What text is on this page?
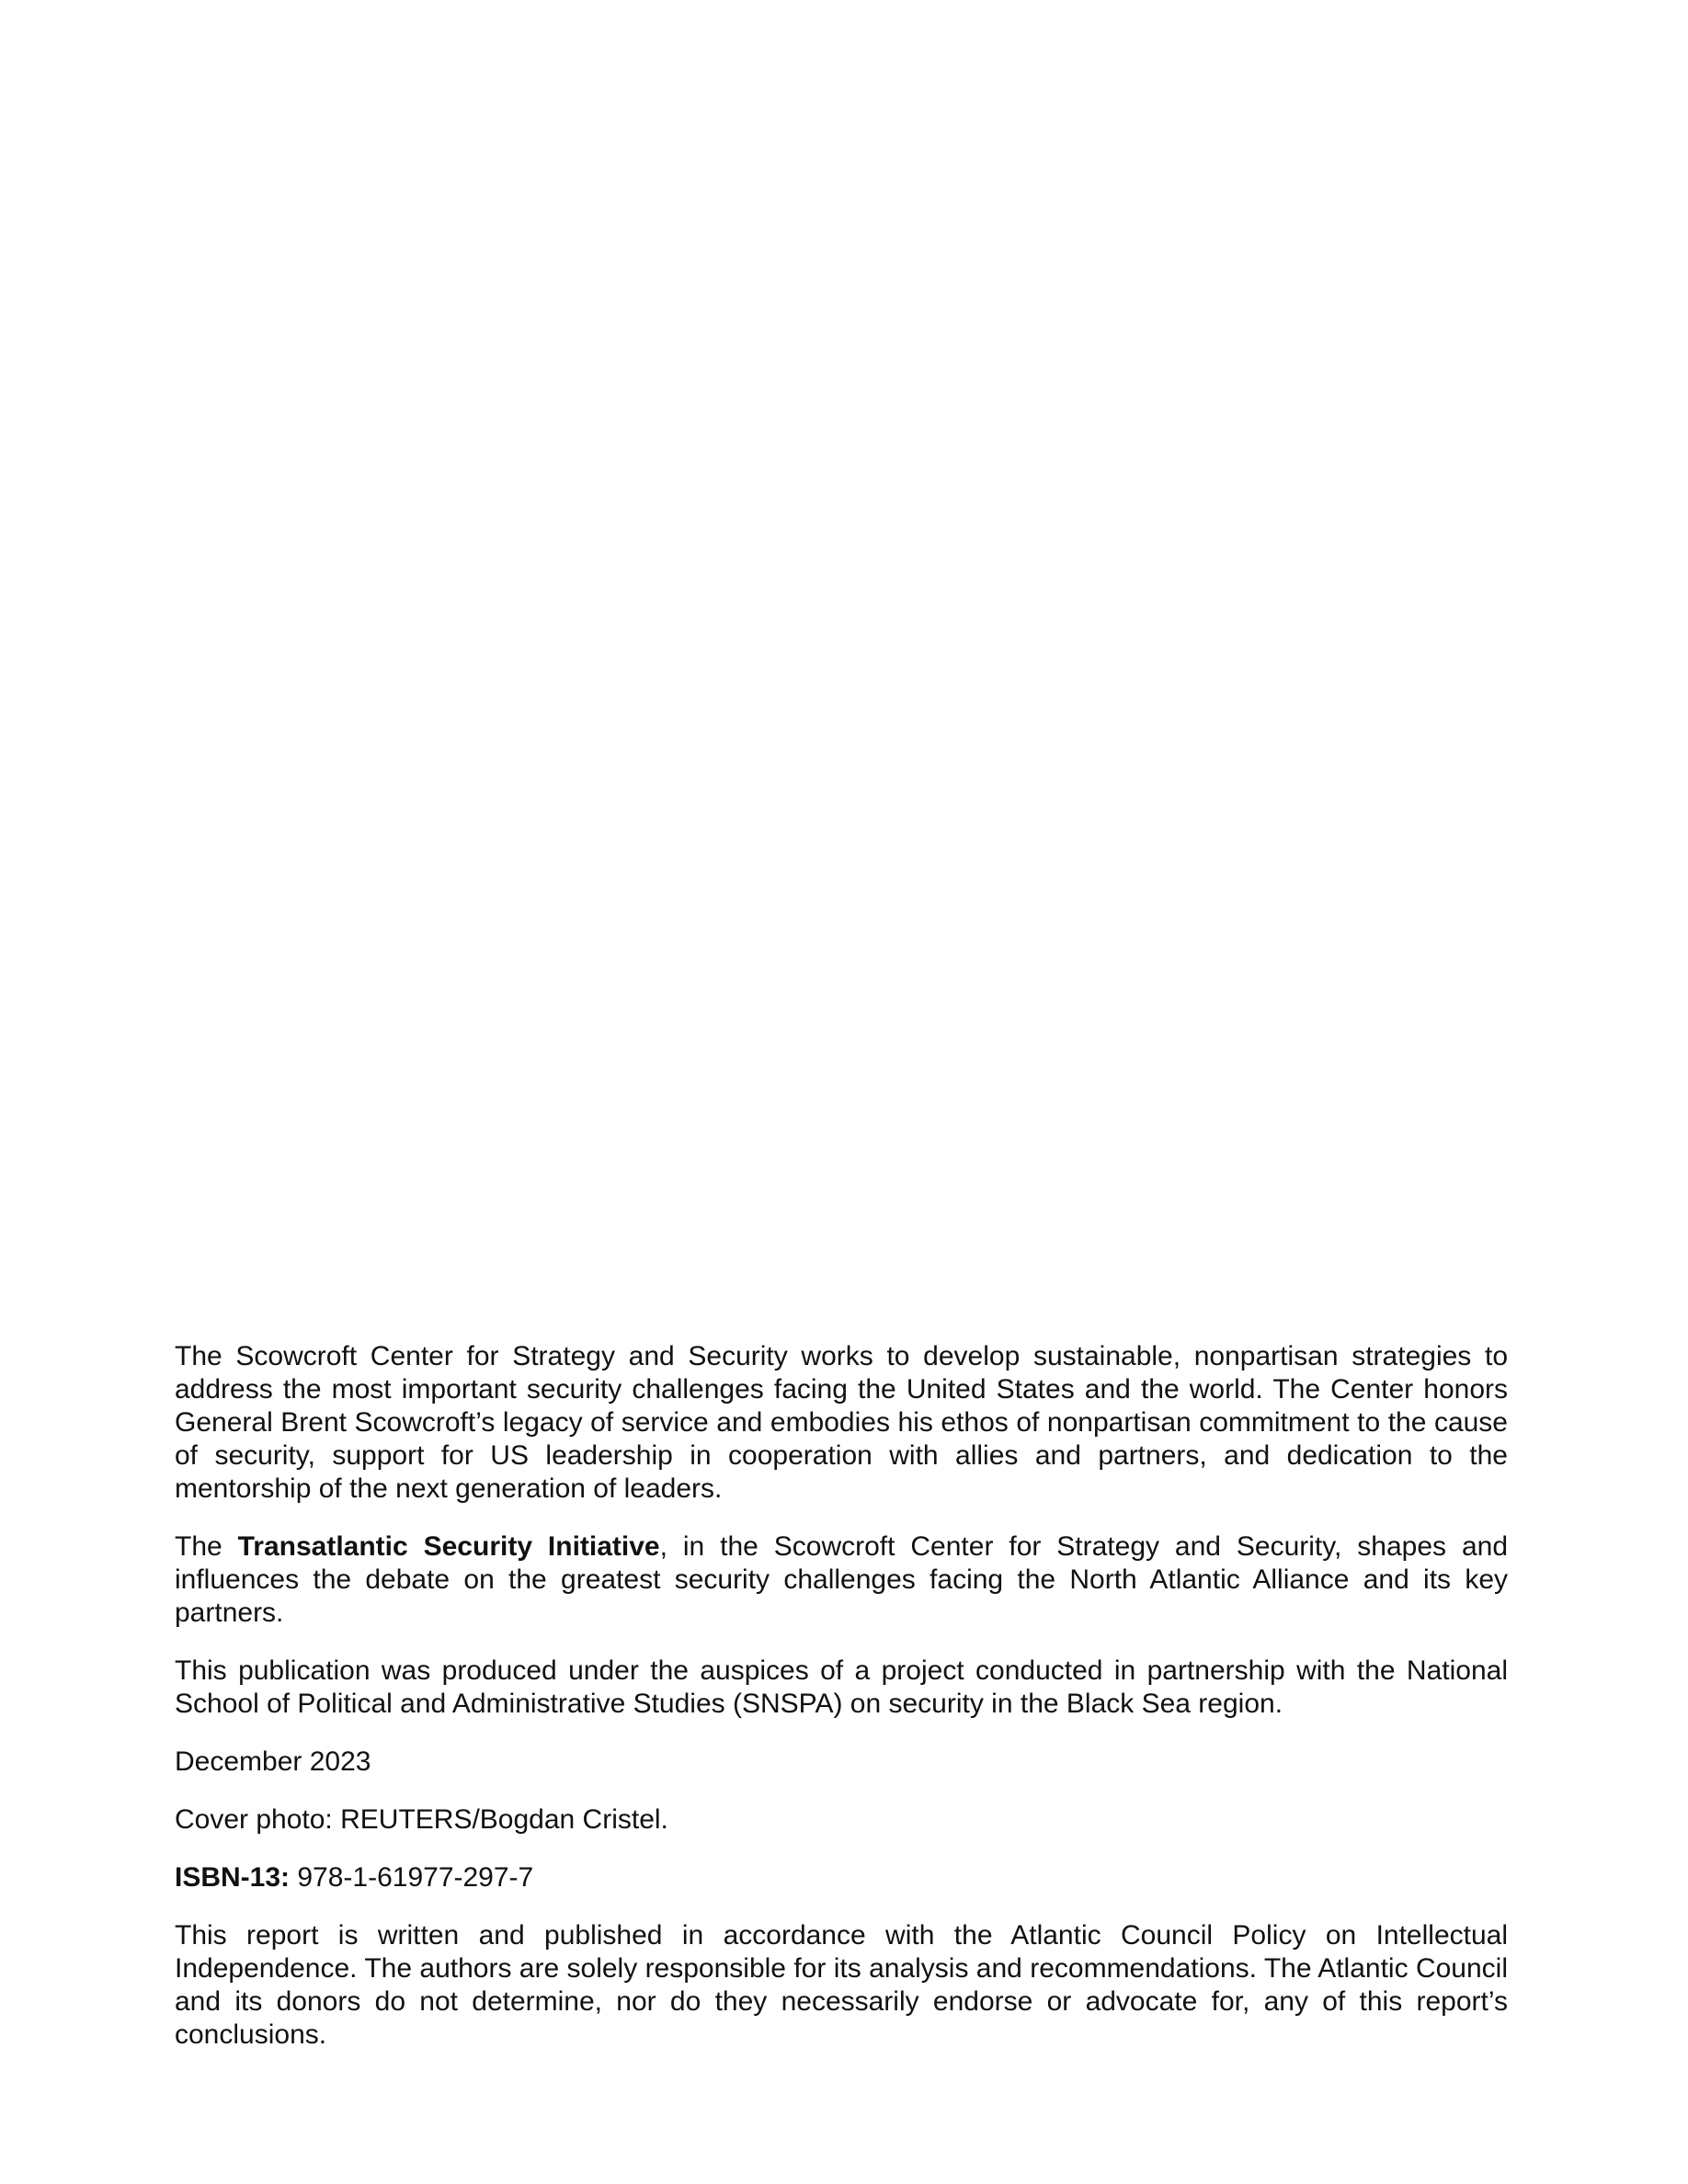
The Scowcroft Center for Strategy and Security works to develop sustainable, nonpartisan strategies to address the most important security challenges facing the United States and the world. The Center honors General Brent Scowcroft’s legacy of service and embodies his ethos of nonpartisan commitment to the cause of security, support for US leadership in cooperation with allies and partners, and dedication to the mentorship of the next generation of leaders.

The Transatlantic Security Initiative, in the Scowcroft Center for Strategy and Security, shapes and influences the debate on the greatest security challenges facing the North Atlantic Alliance and its key partners.

This publication was produced under the auspices of a project conducted in partnership with the National School of Political and Administrative Studies (SNSPA) on security in the Black Sea region.

December 2023

Cover photo: REUTERS/Bogdan Cristel.

ISBN-13: 978-1-61977-297-7

This report is written and published in accordance with the Atlantic Council Policy on Intellectual Independence. The authors are solely responsible for its analysis and recommendations. The Atlantic Council and its donors do not determine, nor do they necessarily endorse or advocate for, any of this report’s conclusions.
